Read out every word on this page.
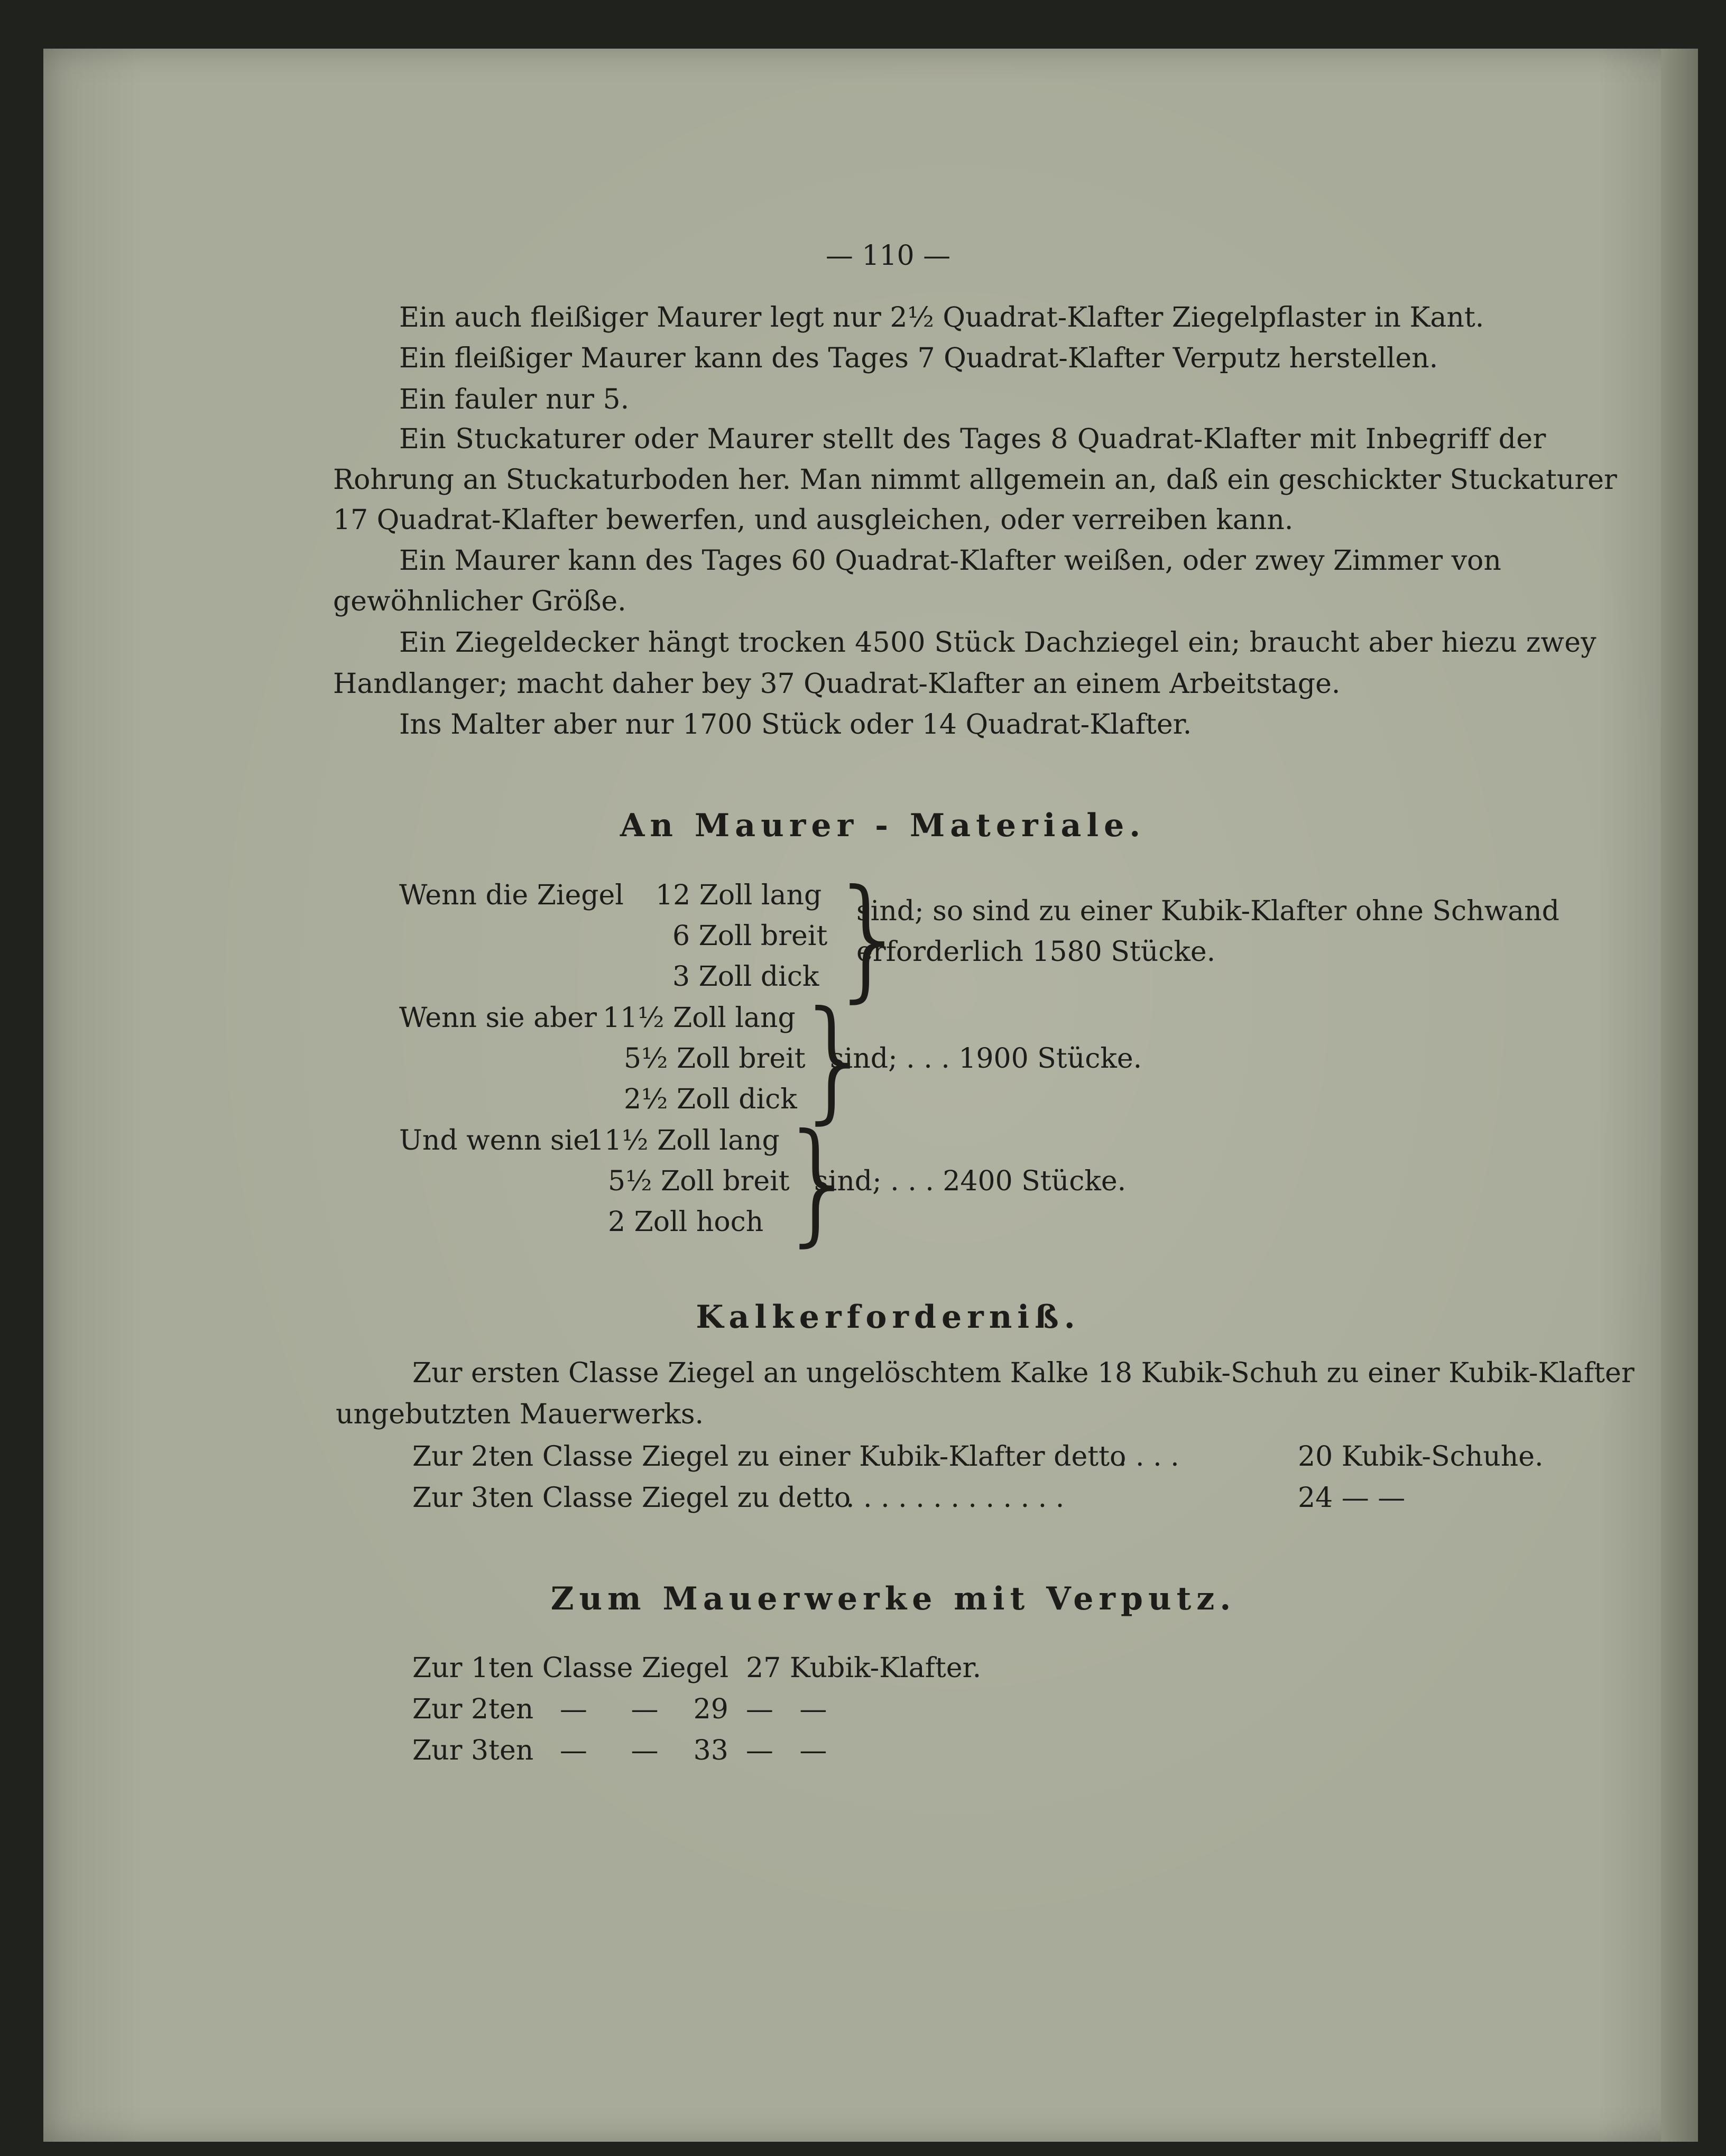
— 110 —
Ein auch fleißiger Maurer legt nur 2½ Quadrat-Klafter Ziegelpflaster in Kant.
Ein fleißiger Maurer kann des Tages 7 Quadrat-Klafter Verputz herstellen.
Ein fauler nur 5.
Ein Stuckaturer oder Maurer stellt des Tages 8 Quadrat-Klafter mit Inbegriff der
Rohrung an Stuckaturboden her. Man nimmt allgemein an, daß ein geschickter Stuckaturer
17 Quadrat-Klafter bewerfen, und ausgleichen, oder verreiben kann.
Ein Maurer kann des Tages 60 Quadrat-Klafter weißen, oder zwey Zimmer von
gewöhnlicher Größe.
Ein Ziegeldecker hängt trocken 4500 Stück Dachziegel ein; braucht aber hiezu zwey
Handlanger; macht daher bey 37 Quadrat-Klafter an einem Arbeitstage.
Ins Malter aber nur 1700 Stück oder 14 Quadrat-Klafter.
An Maurer - Materiale.
Wenn die Ziegel 12 Zoll lang
6 Zoll breit
3 Zoll dick }
sind; so sind zu einer Kubik-Klafter ohne Schwand
erforderlich 1580 Stücke.
Wenn sie aber 11½ Zoll lang
5½ Zoll breit
2½ Zoll dick
}
sind; . . . 1900 Stücke.
Und wenn sie
11½ Zoll lang
5½ Zoll breit
2 Zoll hoch }
sind; . . . 2400 Stücke.
Kalkerforderniß.
Zur ersten Classe Ziegel an ungelöschtem Kalke 18 Kubik-Schuh zu einer Kubik-Klafter
ungebutzten Mauerwerks.
Zur 2ten Classe Ziegel zu einer Kubik-Klafter detto
. . . .	20 Kubik-Schuhe.
Zur 3ten Classe Ziegel zu detto
. . . . . . . . . . . . .	24 — —
Zum Mauerwerke mit Verputz.
Zur 1ten Classe Ziegel  27 Kubik-Klafter.
Zur 2ten   —     —    29  —   —
Zur 3ten   —     —    33  —   —
